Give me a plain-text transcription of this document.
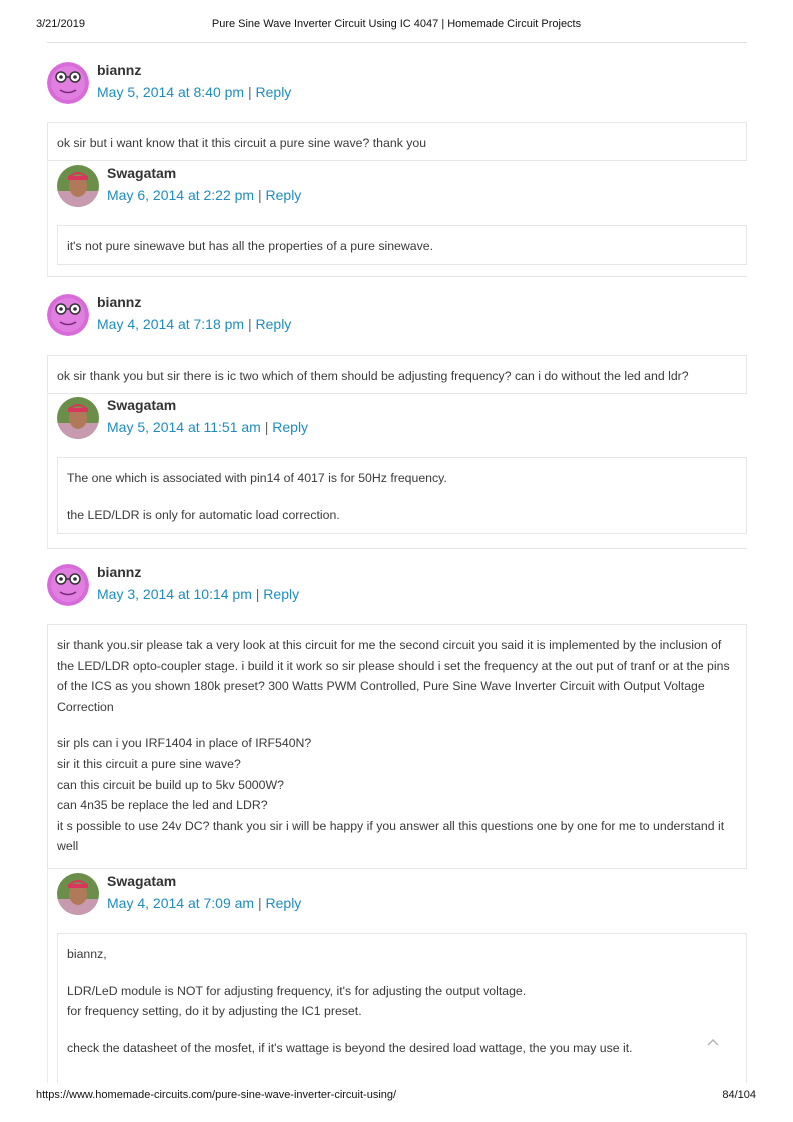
3/21/2019	Pure Sine Wave Inverter Circuit Using IC 4047 | Homemade Circuit Projects
biannz
May 5, 2014 at 8:40 pm | Reply

ok sir but i want know that it this circuit a pure sine wave? thank you

Swagatam
May 6, 2014 at 2:22 pm | Reply

it's not pure sinewave but has all the properties of a pure sinewave.

biannz
May 4, 2014 at 7:18 pm | Reply

ok sir thank you but sir there is ic two which of them should be adjusting frequency? can i do without the led and ldr?

Swagatam
May 5, 2014 at 11:51 am | Reply

The one which is associated with pin14 of 4017 is for 50Hz frequency.

the LED/LDR is only for automatic load correction.

biannz
May 3, 2014 at 10:14 pm | Reply

sir thank you.sir please tak a very look at this circuit for me the second circuit you said it is implemented by the inclusion of the LED/LDR opto-coupler stage. i build it it work so sir please should i set the frequency at the out put of tranf or at the pins of the ICS as you shown 180k preset? 300 Watts PWM Controlled, Pure Sine Wave Inverter Circuit with Output Voltage Correction

sir pls can i you IRF1404 in place of IRF540N?
sir it this circuit a pure sine wave?
can this circuit be build up to 5kv 5000W?
can 4n35 be replace the led and LDR?
it s possible to use 24v DC? thank you sir i will be happy if you answer all this questions one by one for me to understand it well

Swagatam
May 4, 2014 at 7:09 am | Reply

biannz,

LDR/LeD module is NOT for adjusting frequency, it's for adjusting the output voltage.
for frequency setting, do it by adjusting the IC1 preset.

check the datasheet of the mosfet, if it's wattage is beyond the desired load wattage, the you may use it.

https://www.homemade-circuits.com/pure-sine-wave-inverter-circuit-using/	84/104
